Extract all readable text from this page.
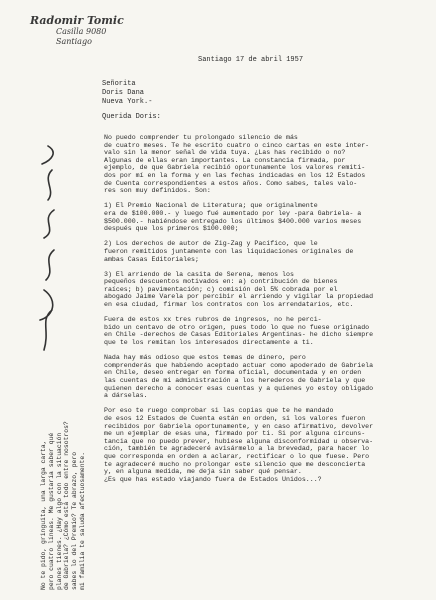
Radomir Tomic
Casilla 9080
Santiago
Santiago 17 de abril 1957
Señorita
Doris Dana
Nueva York.-
Querida Doris:
No puedo comprender tu prolongado silencio de más
de cuatro meses. Te he escrito cuatro o cinco cartas en este inter-
valo sin la menor señal de vida tuya. ¿Las has recibido o no?
Algunas de ellas eran importantes. La constancia firmada, por
ejemplo, de que Gabriela recibió oportunamente los valores remiti-
dos por mí en la forma y en las fechas indicadas en los 12 Estados
de Cuenta correspondientes a estos años. Como sabes, tales valo-
res son muy definidos. Son:
1) El Premio Nacional de Literatura; que originalmente
era de $100.000.- y luego fué aumentado por ley -para Gabriela- a
$500.000.- habiéndose entregado los últimos $400.000 varios meses
después que los primeros $100.000;
2) Los derechos de autor de Zig-Zag y Pacífico, que le
fueron remitidos juntamente con las liquidaciones originales de
ambas Casas Editoriales;
3) El arriendo de la casita de Serena, menos los
pequeños descuentos motivados en: a) contribución de bienes
raíces; b) pavimentación; c) comisión del 5% cobrada por el
abogado Jaime Varela por percibir el arriendo y vigilar la propiedad
en esa ciudad, firmar los contratos con los arrendatarios, etc.
Fuera de estos xx tres rubros de ingresos, no he perci-
bido un centavo de otro origen, pues todo lo que no fuese originado
en Chile -derechos de Casas Editoriales Argentinas- he dicho siempre
que te los remitan los interesados directamente a ti.
Nada hay más odioso que estos temas de dinero, pero
comprenderás que habiendo aceptado actuar como apoderado de Gabriela
en Chile, deseo entregar en forma oficial, documentada y en orden
las cuentas de mi administración a los herederos de Gabriela y que
quienen derecho a conocer esas cuentas y a quienes yo estoy obligado
a dárselas.
Por eso te ruego comprobar si las copias que te he mandado
de esos 12 Estados de Cuenta están en orden, si los valores fueron
recibidos por Gabriela oportunamente, y en caso afirmativo, devolver
me un ejemplar de esas una, firmado por ti. Si por alguna circuns-
tancia que no puedo prever, hubiese alguna disconformidad u observa-
ción, también te agradeceré avisármelo a la brevedad, para hacer lo
que corresponda en orden a aclarar, rectificar o lo que fuese. Pero
te agradeceré mucho no prolongar este silencio que me desconcierta
y, en alguna medida, me deja sin saber qué pensar.
¿Es que has estado viajando fuera de Estados Unidos...?
No te pido, gringuita, una larga carta, pero cuatro líneas. Me gustaría saber qué planes tienes. ¿Hay algo con la situación de Gabriela? ¿Cómo está todo entre nosotros? sabes lo del Premio? Te abrazo, pero mi familia te saluda afectuosamente.
